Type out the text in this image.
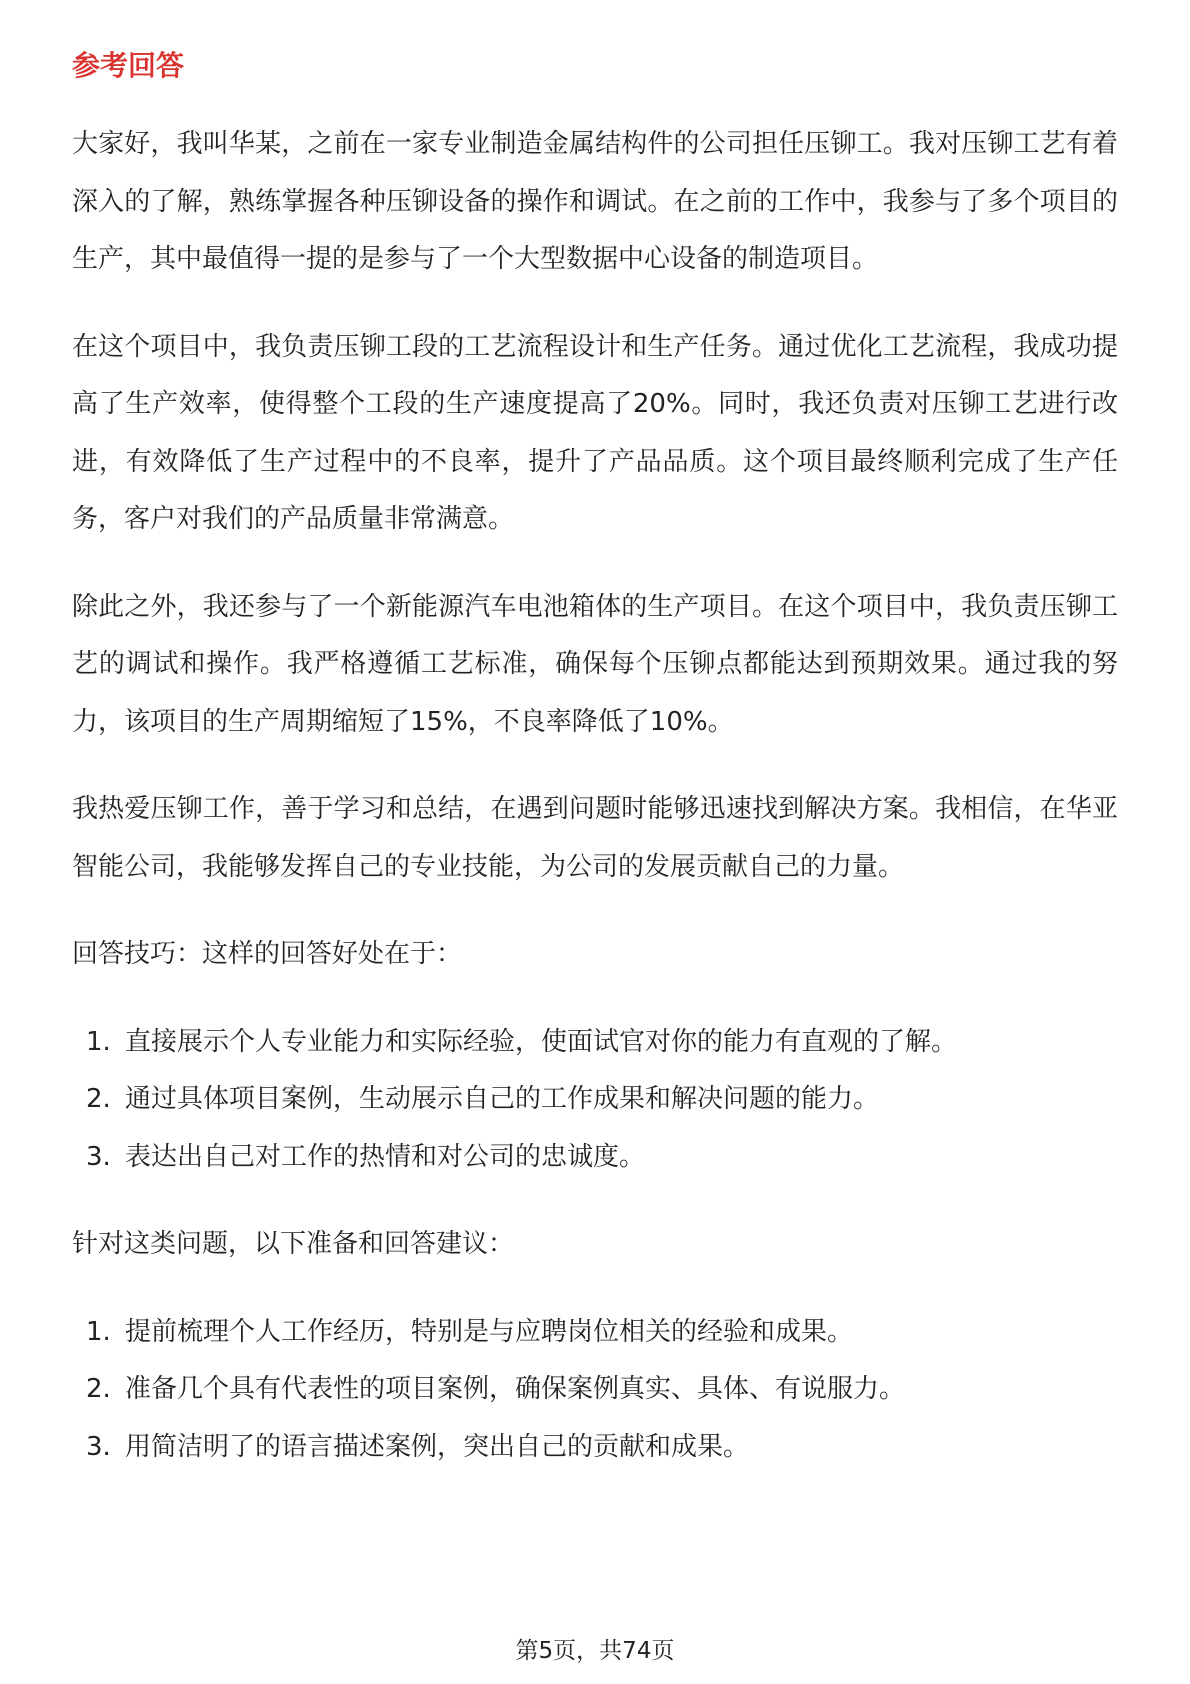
参考回答

大家好，我叫华某，之前在一家专业制造金属结构件的公司担任压铆工。我对压铆工艺有着深入的了解，熟练掌握各种压铆设备的操作和调试。在之前的工作中，我参与了多个项目的生产，其中最值得一提的是参与了一个大型数据中心设备的制造项目。

在这个项目中，我负责压铆工段的工艺流程设计和生产任务。通过优化工艺流程，我成功提高了生产效率，使得整个工段的生产速度提高了20%。同时，我还负责对压铆工艺进行改进，有效降低了生产过程中的不良率，提升了产品品质。这个项目最终顺利完成了生产任务，客户对我们的产品质量非常满意。

除此之外，我还参与了一个新能源汽车电池箱体的生产项目。在这个项目中，我负责压铆工艺的调试和操作。我严格遵循工艺标准，确保每个压铆点都能达到预期效果。通过我的努力，该项目的生产周期缩短了15%，不良率降低了10%。

我热爱压铆工作，善于学习和总结，在遇到问题时能够迅速找到解决方案。我相信，在华亚智能公司，我能够发挥自己的专业技能，为公司的发展贡献自己的力量。

回答技巧：这样的回答好处在于：

1. 直接展示个人专业能力和实际经验，使面试官对你的能力有直观的了解。
2. 通过具体项目案例，生动展示自己的工作成果和解决问题的能力。
3. 表达出自己对工作的热情和对公司的忠诚度。

针对这类问题，以下准备和回答建议：

1. 提前梳理个人工作经历，特别是与应聘岗位相关的经验和成果。
2. 准备几个具有代表性的项目案例，确保案例真实、具体、有说服力。
3. 用简洁明了的语言描述案例，突出自己的贡献和成果。
第5页，共74页
